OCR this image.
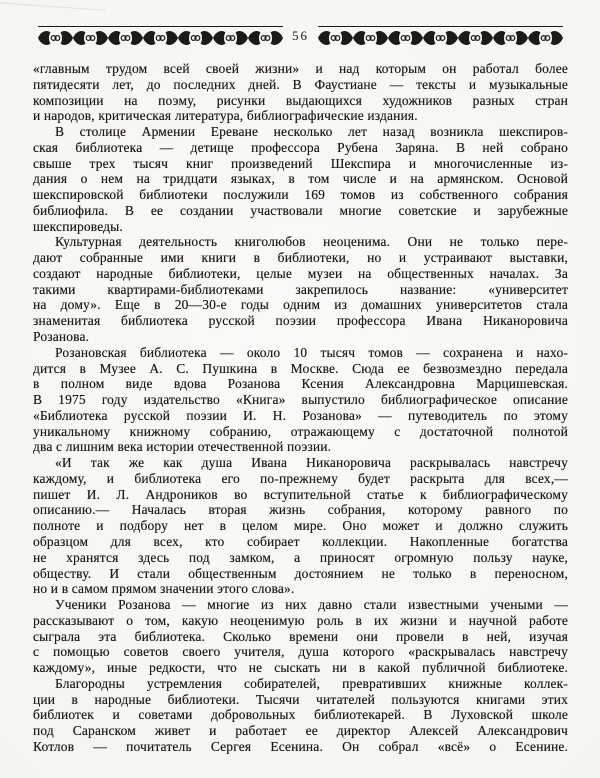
56
«главным трудом всей своей жизни» и над которым он работал более
пятидесяти лет, до последних дней. В Фаустиане — тексты и музыкальные
композиции на поэму, рисунки выдающихся художников разных стран
и народов, критическая литература, библиографические издания.
В столице Армении Ереване несколько лет назад возникла шекспиров-
ская библиотека — детище профессора Рубена Заряна. В ней собрано
свыше трех тысяч книг произведений Шекспира и многочисленные из-
дания о нем на тридцати языках, в том числе и на армянском. Основой
шекспировской библиотеки послужили 169 томов из собственного собрания
библиофила. В ее создании участвовали многие советские и зарубежные
шекспироведы.
Культурная деятельность книголюбов неоценима. Они не только пере-
дают собранные ими книги в библиотеки, но и устраивают выставки,
создают народные библиотеки, целые музеи на общественных началах. За
такими квартирами-библиотеками закрепилось название: «университет
на дому». Еще в 20—30-е годы одним из домашних университетов стала
знаменитая библиотека русской поэзии профессора Ивана Никаноровича
Розанова.
Розановская библиотека — около 10 тысяч томов — сохранена и нахо-
дится в Музее А. С. Пушкина в Москве. Сюда ее безвозмездно передала
в полном виде вдова Розанова Ксения Александровна Марцишевская.
В 1975 году издательство «Книга» выпустило библиографическое описание
«Библиотека русской поэзии И. Н. Розанова» — путеводитель по этому
уникальному книжному собранию, отражающему с достаточной полнотой
два с лишним века истории отечественной поэзии.
«И так же как душа Ивана Никаноровича раскрывалась навстречу
каждому, и библиотека его по-прежнему будет раскрыта для всех,—
пишет И. Л. Андроников во вступительной статье к библиографическому
описанию.— Началась вторая жизнь собрания, которому равного по
полноте и подбору нет в целом мире. Оно может и должно служить
образцом для всех, кто собирает коллекции. Накопленные богатства
не хранятся здесь под замком, а приносят огромную пользу науке,
обществу. И стали общественным достоянием не только в переносном,
но и в самом прямом значении этого слова».
Ученики Розанова — многие из них давно стали известными учеными —
рассказывают о том, какую неоценимую роль в их жизни и научной работе
сыграла эта библиотека. Сколько времени они провели в ней, изучая
с помощью советов своего учителя, душа которого «раскрывалась навстречу
каждому», иные редкости, что не сыскать ни в какой публичной библиотеке.
Благородны устремления собирателей, превративших книжные коллек-
ции в народные библиотеки. Тысячи читателей пользуются книгами этих
библиотек и советами добровольных библиотекарей. В Луховской школе
под Саранском живет и работает ее директор Алексей Александрович
Котлов — почитатель Сергея Есенина. Он собрал «всё» о Есенине.
